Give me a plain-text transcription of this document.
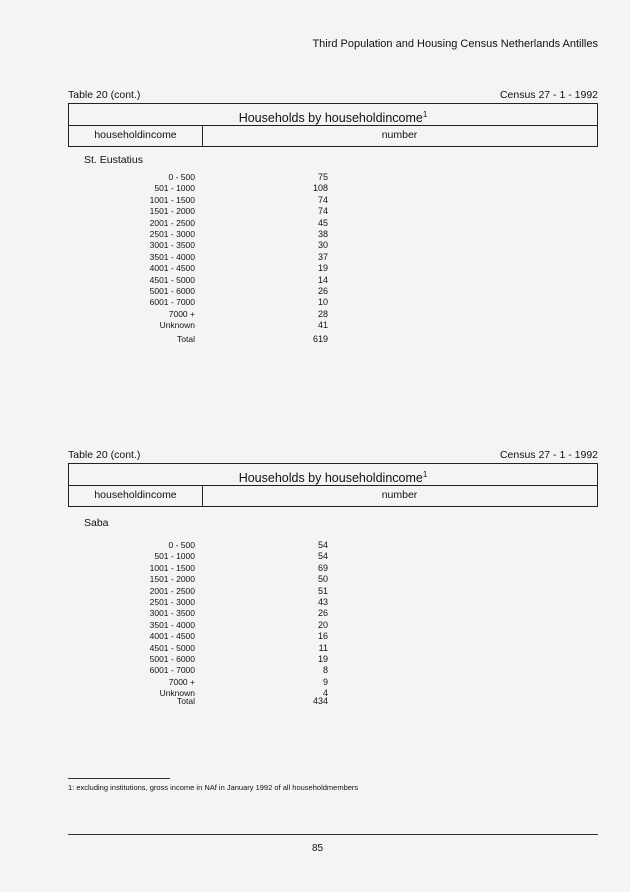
Third Population and Housing Census Netherlands Antilles
Table 20 (cont.)	Census 27 - 1 - 1992
Households by householdincome$^1$
householdincome	number
St. Eustatius
0 - 500	75
501 - 1000	108
1001 - 1500	74
1501 - 2000	74
2001 - 2500	45
2501 - 3000	38
3001 - 3500	30
3501 - 4000	37
4001 - 4500	19
4501 - 5000	14
5001 - 6000	26
6001 - 7000	10
7000 +	28
Unknown	41
Total	619
Table 20 (cont.)	Census 27 - 1 - 1992
Households by householdincome$^1$
householdincome	number
Saba
0 - 500	54
501 - 1000	54
1001 - 1500	69
1501 - 2000	50
2001 - 2500	51
2501 - 3000	43
3001 - 3500	26
3501 - 4000	20
4001 - 4500	16
4501 - 5000	11
5001 - 6000	19
6001 - 7000	8
7000 +	9
Unknown	4
Total	434
1: excluding institutions, gross income in NAf in January 1992 of all householdmembers
85
